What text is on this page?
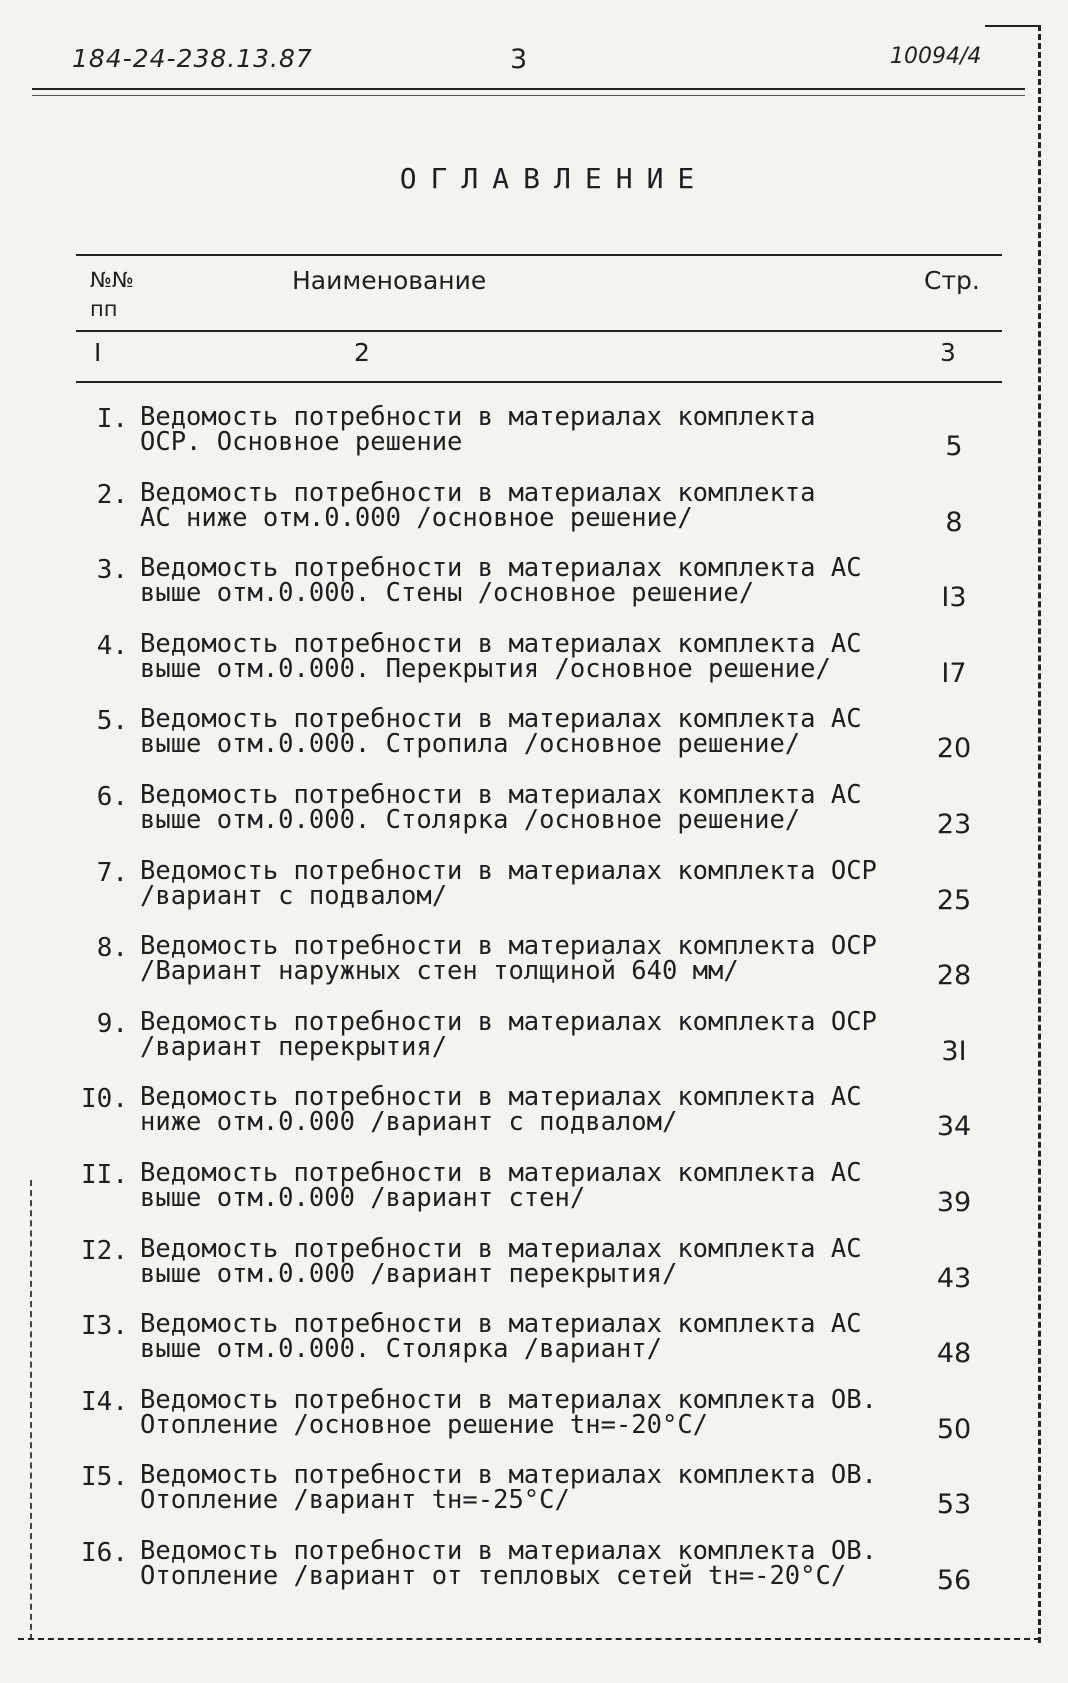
184-24-238.13.87	3	10094/4
ОГЛАВЛЕНИЕ
№№ пп
Наименование	Стр.
I	2	3
I. Ведомость потребности в материалах комплекта
ОСР. Основное решение	5
2. Ведомость потребности в материалах комплекта
АС ниже отм.0.000 /основное решение/	8
3. Ведомость потребности в материалах комплекта АС
выше отм.0.000. Стены /основное решение/	I3
4. Ведомость потребности в материалах комплекта АС
выше отм.0.000. Перекрытия /основное решение/	I7
5. Ведомость потребности в материалах комплекта АС
выше отм.0.000. Стропила /основное решение/	20
6. Ведомость потребности в материалах комплекта АС
выше отм.0.000. Столярка /основное решение/	23
7. Ведомость потребности в материалах комплекта ОСР
/вариант с подвалом/	25
8. Ведомость потребности в материалах комплекта ОСР
/Вариант наружных стен толщиной 640 мм/	28
9. Ведомость потребности в материалах комплекта ОСР
/вариант перекрытия/	3I
I0. Ведомость потребности в материалах комплекта АС
ниже отм.0.000 /вариант с подвалом/	34
II. Ведомость потребности в материалах комплекта АС
выше отм.0.000 /вариант стен/	39
I2. Ведомость потребности в материалах комплекта АС
выше отм.0.000 /вариант перекрытия/	43
I3. Ведомость потребности в материалах комплекта АС
выше отм.0.000. Столярка /вариант/	48
I4. Ведомость потребности в материалах комплекта ОВ.
Отопление /основное решение tн=-20°С/	50
I5. Ведомость потребности в материалах комплекта ОВ.
Отопление /вариант tн=-25°С/	53
I6. Ведомость потребности в материалах комплекта ОВ.
Отопление /вариант от тепловых сетей tн=-20°С/	56
